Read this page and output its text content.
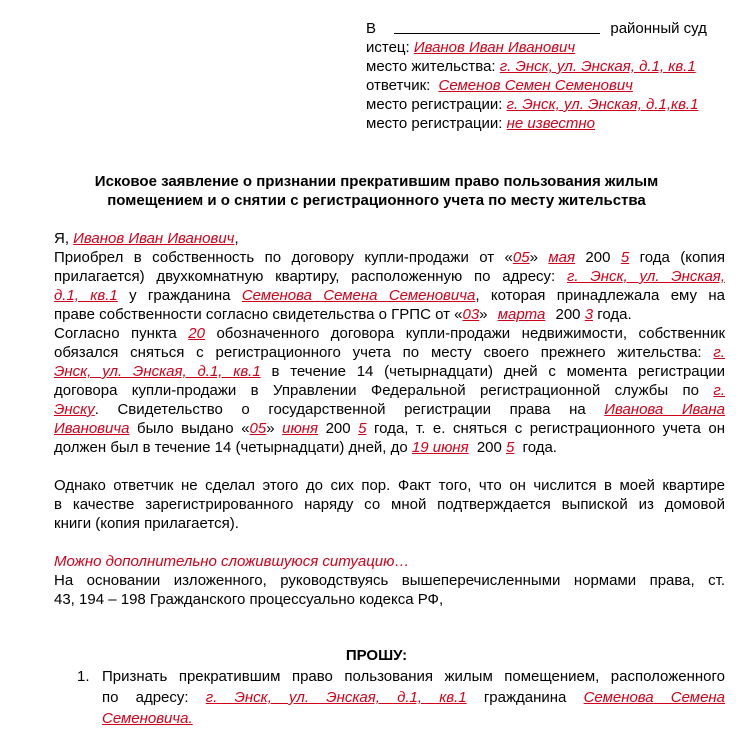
В	районный суд
истец: Иванов Иван Иванович
место жительства: г. Энск, ул. Энская, д.1, кв.1
ответчик: Семенов Семен Семенович
место регистрации: г. Энск, ул. Энская, д.1,кв.1
место регистрации: не известно
Исковое заявление о признании прекратившим право пользования жилым
помещением и о снятии с регистрационного учета по месту жительства
Я, Иванов Иван Иванович,
Приобрел в собственность по договору купли-продажи от «05» мая 200 5 года (копия
прилагается) двухкомнатную квартиру, расположенную по адресу: г. Энск, ул. Энская,
д.1, кв.1 у гражданина Семенова Семена Семеновича, которая принадлежала ему на
праве собственности согласно свидетельства о ГРПС от «03» марта 200 3 года.
Согласно пункта 20 обозначенного договора купли-продажи недвижимости, собственник
обязался сняться с регистрационного учета по месту своего прежнего жительства: г.
Энск, ул. Энская, д.1, кв.1 в течение 14 (четырнадцати) дней с момента регистрации
договора купли-продажи в Управлении Федеральной регистрационной службы по г.
Энску. Свидетельство о государственной регистрации права на Иванова Ивана
Ивановича было выдано «05» июня 200 5 года, т. е. сняться с регистрационного учета он
должен был в течение 14 (четырнадцати) дней, до 19 июня 200 5 года.
Однако ответчик не сделал этого до сих пор. Факт того, что он числится в моей квартире
в качестве зарегистрированного наряду со мной подтверждается выпиской из домовой
книги (копия прилагается).
Можно дополнительно сложившуюся ситуацию…
На основании изложенного, руководствуясь вышеперечисленными нормами права, ст.
43, 194 – 198 Гражданского процессуально кодекса РФ,
ПРОШУ:
1. Признать прекратившим право пользования жилым помещением, расположенного
по адресу: г. Энск, ул. Энская, д.1, кв.1 гражданина Семенова Семена
Семеновича.
